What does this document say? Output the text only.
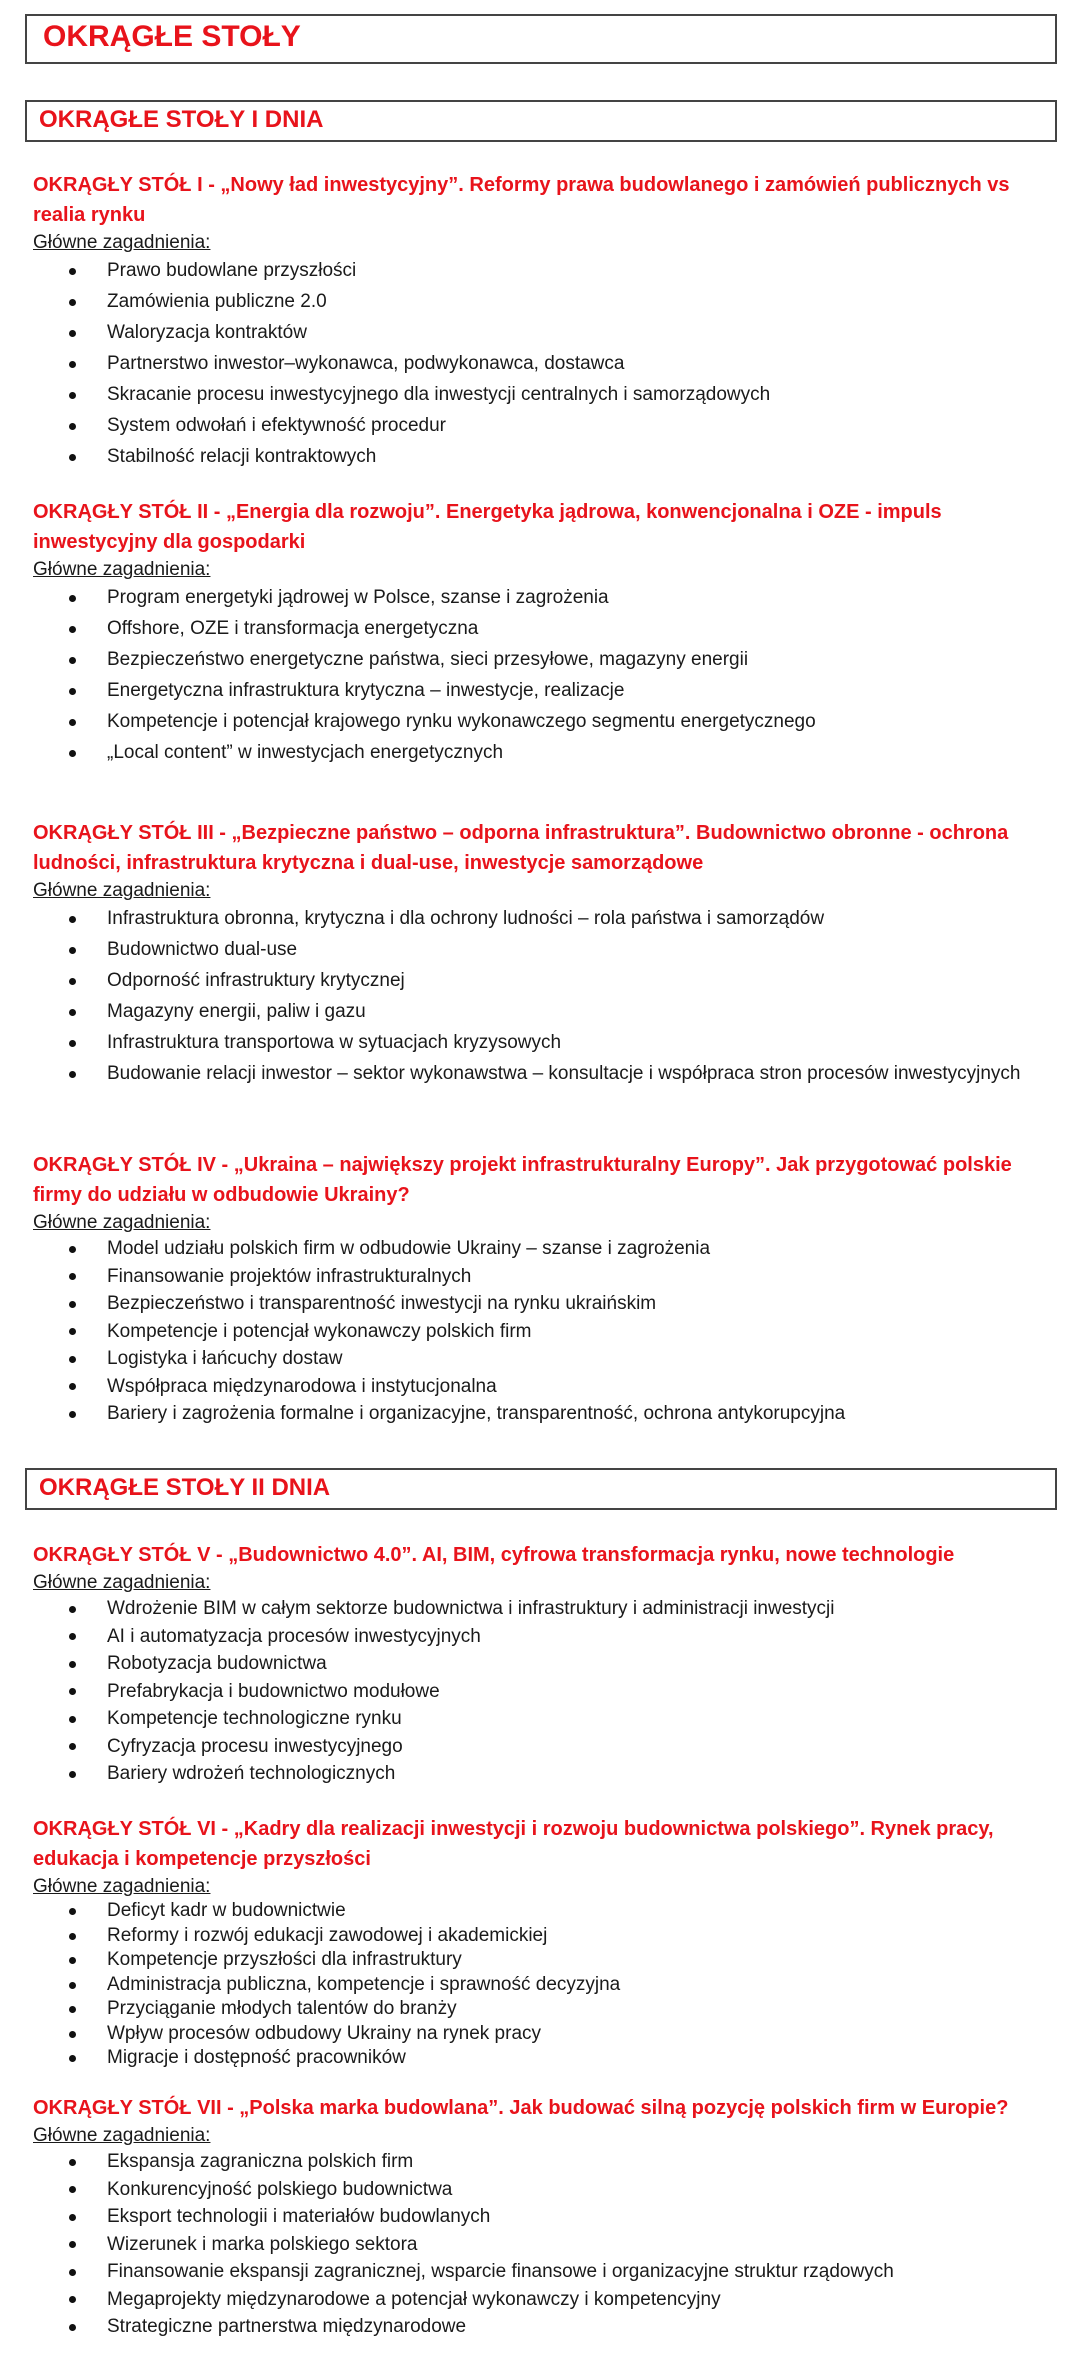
OKRĄGŁE STOŁY
OKRĄGŁE STOŁY I DNIA
OKRĄGŁY STÓŁ I - „Nowy ład inwestycyjny”. Reformy prawa budowlanego i zamówień publicznych vs realia rynku
Główne zagadnienia:
Prawo budowlane przyszłości
Zamówienia publiczne 2.0
Waloryzacja kontraktów
Partnerstwo inwestor–wykonawca, podwykonawca, dostawca
Skracanie procesu inwestycyjnego dla inwestycji centralnych i samorządowych
System odwołań i efektywność procedur
Stabilność relacji kontraktowych
OKRĄGŁY STÓŁ II - „Energia dla rozwoju”. Energetyka jądrowa, konwencjonalna i OZE - impuls inwestycyjny dla gospodarki
Główne zagadnienia:
Program energetyki jądrowej w Polsce, szanse i zagrożenia
Offshore, OZE i transformacja energetyczna
Bezpieczeństwo energetyczne państwa, sieci przesyłowe, magazyny energii
Energetyczna infrastruktura krytyczna – inwestycje, realizacje
Kompetencje i potencjał krajowego rynku wykonawczego segmentu energetycznego
„Local content” w inwestycjach energetycznych
OKRĄGŁY STÓŁ III - „Bezpieczne państwo – odporna infrastruktura”. Budownictwo obronne - ochrona ludności, infrastruktura krytyczna i dual-use, inwestycje samorządowe
Główne zagadnienia:
Infrastruktura obronna, krytyczna i dla ochrony ludności – rola państwa i samorządów
Budownictwo dual-use
Odporność infrastruktury krytycznej
Magazyny energii, paliw i gazu
Infrastruktura transportowa w sytuacjach kryzysowych
Budowanie relacji inwestor – sektor wykonawstwa – konsultacje i współpraca stron procesów inwestycyjnych
OKRĄGŁY STÓŁ IV - „Ukraina – największy projekt infrastrukturalny Europy”. Jak przygotować polskie firmy do udziału w odbudowie Ukrainy?
Główne zagadnienia:
Model udziału polskich firm w odbudowie Ukrainy – szanse i zagrożenia
Finansowanie projektów infrastrukturalnych
Bezpieczeństwo i transparentność inwestycji na rynku ukraińskim
Kompetencje i potencjał wykonawczy polskich firm
Logistyka i łańcuchy dostaw
Współpraca międzynarodowa i instytucjonalna
Bariery i zagrożenia formalne i organizacyjne, transparentność, ochrona antykorupcyjna
OKRĄGŁE STOŁY II DNIA
OKRĄGŁY STÓŁ V - „Budownictwo 4.0”. AI, BIM, cyfrowa transformacja rynku, nowe technologie
Główne zagadnienia:
Wdrożenie BIM w całym sektorze budownictwa i infrastruktury i administracji inwestycji
AI i automatyzacja procesów inwestycyjnych
Robotyzacja budownictwa
Prefabrykacja i budownictwo modułowe
Kompetencje technologiczne rynku
Cyfryzacja procesu inwestycyjnego
Bariery wdrożeń technologicznych
OKRĄGŁY STÓŁ VI - „Kadry dla realizacji inwestycji i rozwoju budownictwa polskiego”. Rynek pracy, edukacja i kompetencje przyszłości
Główne zagadnienia:
Deficyt kadr w budownictwie
Reformy i rozwój edukacji zawodowej i akademickiej
Kompetencje przyszłości dla infrastruktury
Administracja publiczna, kompetencje i sprawność decyzyjna
Przyciąganie młodych talentów do branży
Wpływ procesów odbudowy Ukrainy na rynek pracy
Migracje i dostępność pracowników
OKRĄGŁY STÓŁ VII - „Polska marka budowlana”. Jak budować silną pozycję polskich firm w Europie?
Główne zagadnienia:
Ekspansja zagraniczna polskich firm
Konkurencyjność polskiego budownictwa
Eksport technologii i materiałów budowlanych
Wizerunek i marka polskiego sektora
Finansowanie ekspansji zagranicznej, wsparcie finansowe i organizacyjne struktur rządowych
Megaprojekty międzynarodowe a potencjał wykonawczy i kompetencyjny
Strategiczne partnerstwa międzynarodowe
